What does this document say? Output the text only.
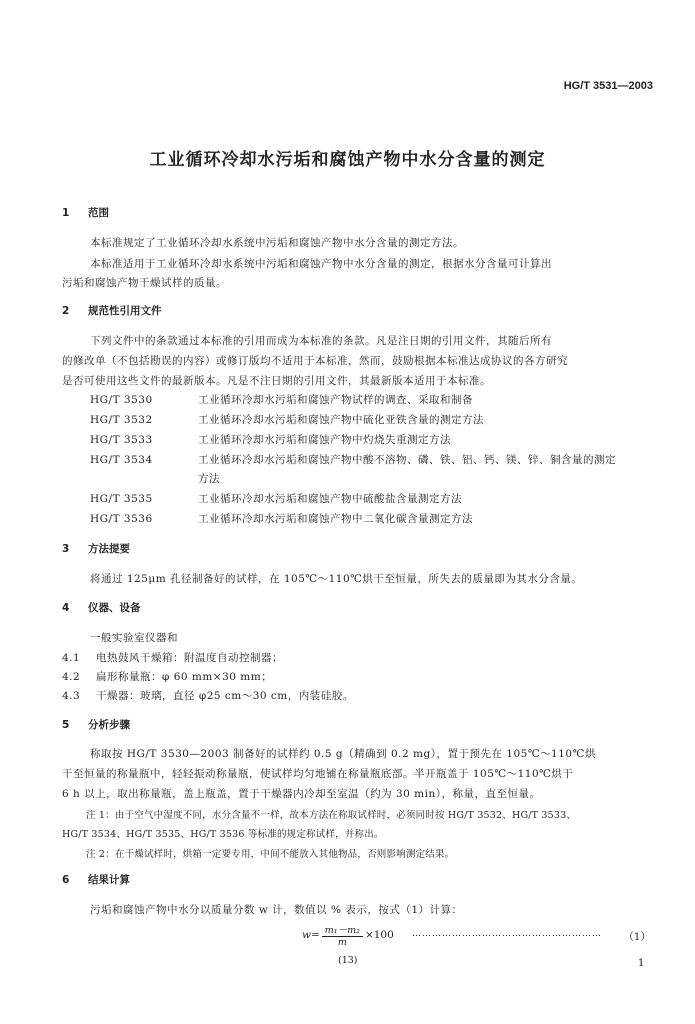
HG/T 3531—2003
工业循环冷却水污垢和腐蚀产物中水分含量的测定
1 范围
本标准规定了工业循环冷却水系统中污垢和腐蚀产物中水分含量的测定方法。
本标准适用于工业循环冷却水系统中污垢和腐蚀产物中水分含量的测定，根据水分含量可计算出
污垢和腐蚀产物干燥试样的质量。
2 规范性引用文件
下列文件中的条款通过本标准的引用而成为本标准的条款。凡是注日期的引用文件，其随后所有
的修改单（不包括勘误的内容）或修订版均不适用于本标准，然而，鼓励根据本标准达成协议的各方研究
是否可使用这些文件的最新版本。凡是不注日期的引用文件，其最新版本适用于本标准。
HG/T 3530	工业循环冷却水污垢和腐蚀产物试样的调查、采取和制备
HG/T 3532	工业循环冷却水污垢和腐蚀产物中硫化亚铁含量的测定方法
HG/T 3533	工业循环冷却水污垢和腐蚀产物中灼烧失重测定方法
HG/T 3534	工业循环冷却水污垢和腐蚀产物中酸不溶物、磷、铁、铝、钙、镁、锌、铜含量的测定
方法
HG/T 3535	工业循环冷却水污垢和腐蚀产物中硫酸盐含量测定方法
HG/T 3536	工业循环冷却水污垢和腐蚀产物中二氧化碳含量测定方法
3 方法提要
将通过 125μm 孔径制备好的试样，在 105℃～110℃烘干至恒量，所失去的质量即为其水分含量。
4 仪器、设备
一般实验室仪器和
4.1 电热鼓风干燥箱：附温度自动控制器；
4.2 扁形称量瓶：φ 60 mm×30 mm；
4.3 干燥器：玻璃，直径 φ25 cm～30 cm，内装硅胶。
5 分析步骤
称取按 HG/T 3530—2003 制备好的试样约 0.5 g（精确到 0.2 mg），置于预先在 105℃～110℃烘
干至恒量的称量瓶中，轻轻振动称量瓶，使试样均匀地铺在称量瓶底部。半开瓶盖于 105℃～110℃烘干
6 h 以上，取出称量瓶，盖上瓶盖，置于干燥器内冷却至室温（约为 30 min），称量，直至恒量。
注 1：由于空气中湿度不同，水分含量不一样，故本方法在称取试样时，必须同时按 HG/T 3532、HG/T 3533、
HG/T 3534、HG/T 3535、HG/T 3536 等标准的规定称试样，并称出。
注 2：在干燥试样时，烘箱一定要专用，中间不能放入其他物品，否则影响测定结果。
6 结果计算
污垢和腐蚀产物中水分以质量分数 w 计，数值以 % 表示，按式（1）计算：
$w= \frac{\text{m₁－m₂}}{m} \times 100$ ………………………………………………… （1）
(13)	1
